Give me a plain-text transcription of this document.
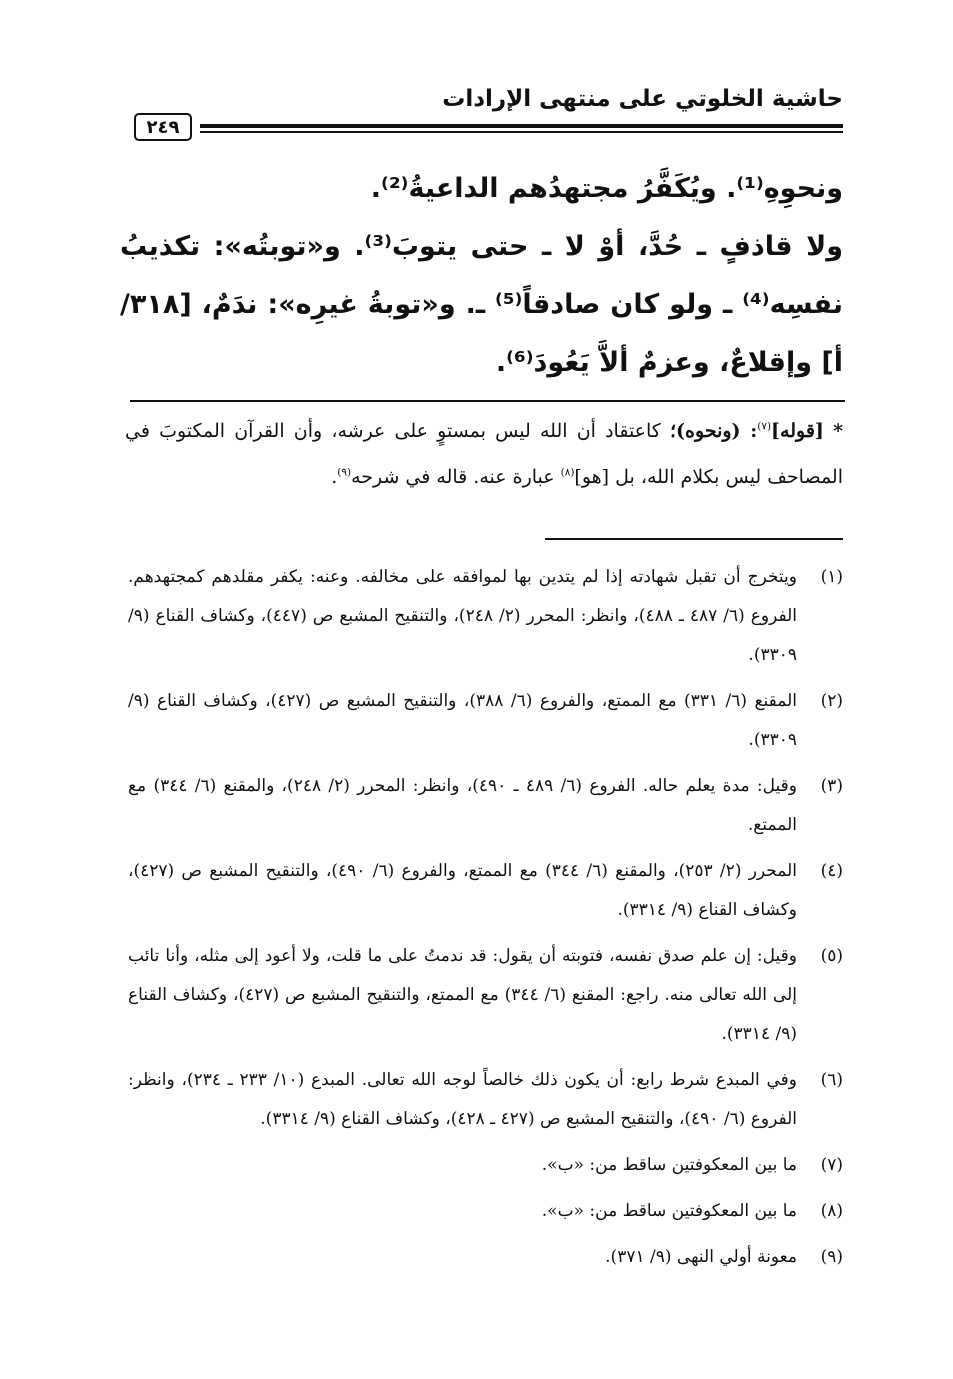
حاشية الخلوتي على منتهى الإرادات
٢٤٩

ونحوِهِ⁽¹⁾. ويُكَفَّرُ مجتهدُهم الداعيةُ⁽²⁾.

ولا قاذفٍ ـ حُدَّ، أوْ لا ـ حتى يتوبَ⁽³⁾. و«توبتُه»: تكذيبُ نفسِه⁽⁴⁾ ـ ولو كان صادقاً⁽⁵⁾ ـ. و«توبةُ غيرِه»: ندَمٌ، [٣١٨/ أ] وإقلاعٌ، وعزمٌ ألاَّ يَعُودَ⁽⁶⁾.

* [قوله]$^{(٧)}$: (ونحوه)؛ كاعتقاد أن الله ليس بمستوٍ على عرشه، وأن القرآن المكتوبَ في المصاحف ليس بكلام الله، بل [هو]$^{(٨)}$ عبارة عنه. قاله في شرحه$^{(٩)}$.

(١)
ويتخرج أن تقبل شهادته إذا لم يتدين بها لموافقه على مخالفه. وعنه: يكفر مقلدهم كمجتهدهم. الفروع (٦/ ٤٨٧ ـ ٤٨٨)، وانظر: المحرر (٢/ ٢٤٨)، والتنقيح المشبع ص (٤٤٧)، وكشاف القناع (٩/ ٣٣٠٩).
(٢)
المقنع (٦/ ٣٣١) مع الممتع، والفروع (٦/ ٣٨٨)، والتنقيح المشبع ص (٤٢٧)، وكشاف القناع (٩/ ٣٣٠٩).
(٣)
وقيل: مدة يعلم حاله. الفروع (٦/ ٤٨٩ ـ ٤٩٠)، وانظر: المحرر (٢/ ٢٤٨)، والمقنع (٦/ ٣٤٤) مع الممتع.
(٤)
المحرر (٢/ ٢٥٣)، والمقنع (٦/ ٣٤٤) مع الممتع، والفروع (٦/ ٤٩٠)، والتنقيح المشبع ص (٤٢٧)، وكشاف القناع (٩/ ٣٣١٤).
(٥)
وقيل: إن علم صدق نفسه، فتوبته أن يقول: قد ندمتُ على ما قلت، ولا أعود إلى مثله، وأنا تائب إلى الله تعالى منه. راجع: المقنع (٦/ ٣٤٤) مع الممتع، والتنقيح المشبع ص (٤٢٧)، وكشاف القناع (٩/ ٣٣١٤).
(٦)
وفي المبدع شرط رابع: أن يكون ذلك خالصاً لوجه الله تعالى. المبدع (١٠/ ٢٣٣ ـ ٢٣٤)، وانظر: الفروع (٦/ ٤٩٠)، والتنقيح المشبع ص (٤٢٧ ـ ٤٢٨)، وكشاف القناع (٩/ ٣٣١٤).
(٧)
ما بين المعكوفتين ساقط من: «ب».
(٨)
ما بين المعكوفتين ساقط من: «ب».
(٩)
معونة أولي النهى (٩/ ٣٧١).
